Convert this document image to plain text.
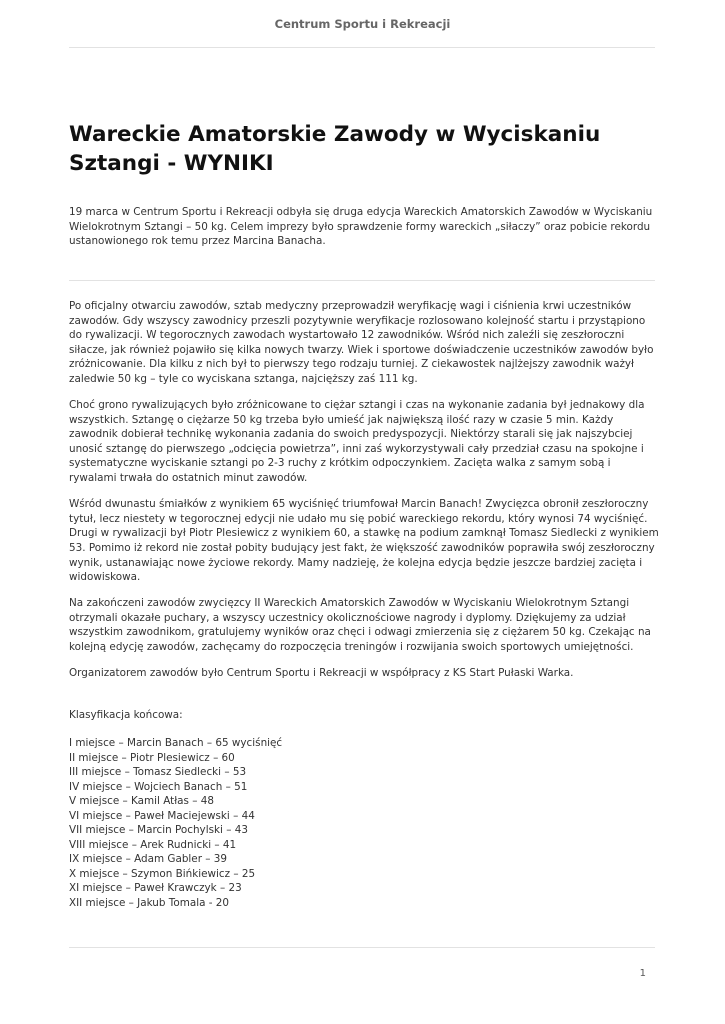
Centrum Sportu i Rekreacji
Wareckie Amatorskie Zawody w Wyciskaniu Sztangi - WYNIKI

19 marca w Centrum Sportu i Rekreacji odbyła się druga edycja Wareckich Amatorskich Zawodów w Wyciskaniu Wielokrotnym Sztangi – 50 kg. Celem imprezy było sprawdzenie formy wareckich „siłaczy” oraz pobicie rekordu ustanowionego rok temu przez Marcina Banacha.

Po oficjalny otwarciu zawodów, sztab medyczny przeprowadził weryfikację wagi i ciśnienia krwi uczestników zawodów. Gdy wszyscy zawodnicy przeszli pozytywnie weryfikacje rozlosowano kolejność startu i przystąpiono do rywalizacji. W tegorocznych zawodach wystartowało 12 zawodników. Wśród nich zaleźli się zeszłoroczni siłacze, jak również pojawiło się kilka nowych twarzy. Wiek i sportowe doświadczenie uczestników zawodów było zróżnicowanie. Dla kilku z nich był to pierwszy tego rodzaju turniej. Z ciekawostek najlżejszy zawodnik ważył zaledwie 50 kg – tyle co wyciskana sztanga, najcięższy zaś 111 kg.

Choć grono rywalizujących było zróżnicowane to ciężar sztangi i czas na wykonanie zadania był jednakowy dla wszystkich. Sztangę o ciężarze 50 kg trzeba było umieść jak największą ilość razy w czasie 5 min. Każdy zawodnik dobierał technikę wykonania zadania do swoich predyspozycji. Niektórzy starali się jak najszybciej unosić sztangę do pierwszego „odcięcia powietrza”, inni zaś wykorzystywali cały przedział czasu na spokojne i systematyczne wyciskanie sztangi po 2-3 ruchy z krótkim odpoczynkiem. Zacięta walka z samym sobą i rywalami trwała do ostatnich minut zawodów.

Wśród dwunastu śmiałków z wynikiem 65 wyciśnięć triumfował Marcin Banach! Zwycięzca obronił zeszłoroczny tytuł, lecz niestety w tegorocznej edycji nie udało mu się pobić wareckiego rekordu, który wynosi 74 wyciśnięć. Drugi w rywalizacji był Piotr Plesiewicz z wynikiem 60, a stawkę na podium zamknął Tomasz Siedlecki z wynikiem 53. Pomimo iż rekord nie został pobity budujący jest fakt, że większość zawodników poprawiła swój zeszłoroczny wynik, ustanawiając nowe życiowe rekordy. Mamy nadzieję, że kolejna edycja będzie jeszcze bardziej zacięta i widowiskowa.

Na zakończeni zawodów zwycięzcy II Wareckich Amatorskich Zawodów w Wyciskaniu Wielokrotnym Sztangi otrzymali okazałe puchary, a wszyscy uczestnicy okolicznościowe nagrody i dyplomy. Dziękujemy za udział wszystkim zawodnikom, gratulujemy wyników oraz chęci i odwagi zmierzenia się z ciężarem 50 kg. Czekając na kolejną edycję zawodów, zachęcamy do rozpoczęcia treningów i rozwijania swoich sportowych umiejętności.

Organizatorem zawodów było Centrum Sportu i Rekreacji w współpracy z KS Start Pułaski Warka.

Klasyfikacja końcowa:

I miejsce – Marcin Banach – 65 wyciśnięć
II miejsce – Piotr Plesiewicz – 60
III miejsce – Tomasz Siedlecki – 53
IV miejsce – Wojciech Banach – 51
V miejsce – Kamil Atłas – 48
VI miejsce – Paweł Maciejewski – 44
VII miejsce – Marcin Pochylski – 43
VIII miejsce – Arek Rudnicki – 41
IX miejsce – Adam Gabler – 39
X miejsce – Szymon Bińkiewicz – 25
XI miejsce – Paweł Krawczyk – 23
XII miejsce – Jakub Tomala - 20
1
